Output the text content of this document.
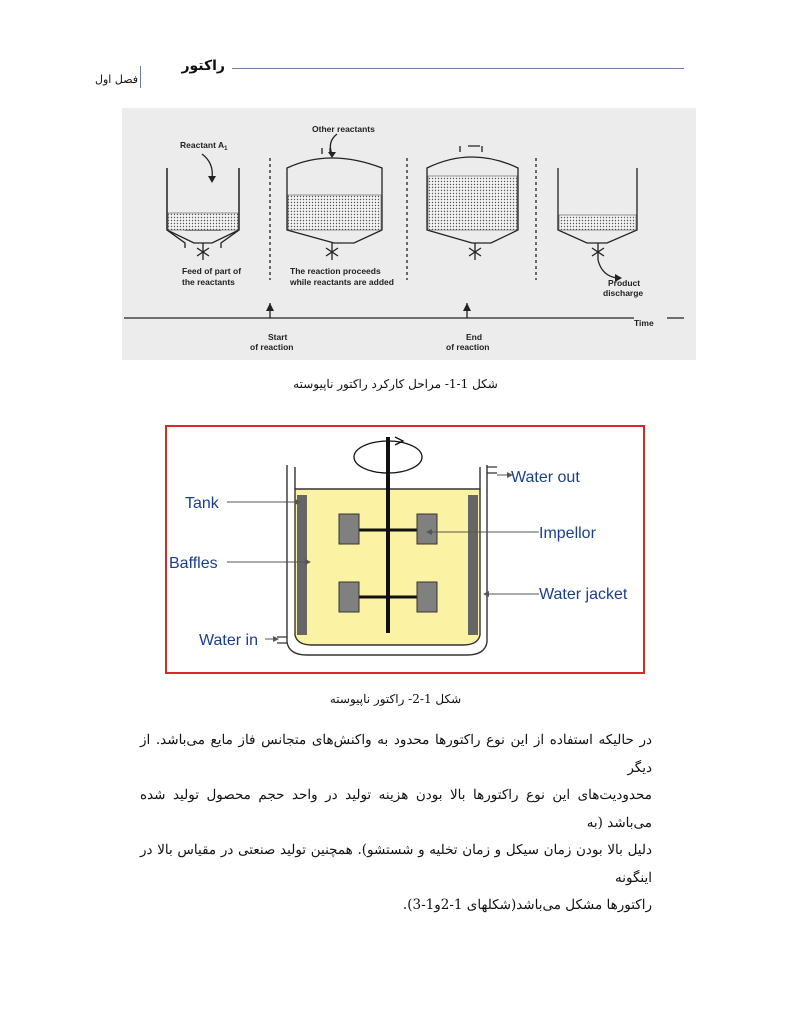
راکتور
فصل اول
Reactant $A_1$
Other reactants
Feed of part of
the reactants
The reaction proceeds
while reactants are added	Product
discharge
Time
Start
of reaction
End
of reaction
شکل 1-1- مراحل کارکرد راکتور ناپیوسته
Tank
Baffles
Water in
Water out
Impellor
Water jacket
شکل 1-2- راکتور ناپیوسته

در حالیکه استفاده از این نوع راکتورها محدود به واکنش‌های متجانس فاز مایع می‌باشد. از دیگر

محدودیت‌های این نوع راکتورها بالا بودن هزینه تولید در واحد حجم محصول تولید شده می‌باشد (به

دلیل بالا بودن زمان سیکل و زمان تخلیه و شستشو). همچنین تولید صنعتی در مقیاس بالا در اینگونه

راکتورها مشکل می‌باشد(شکلهای 1-2و1-3).
